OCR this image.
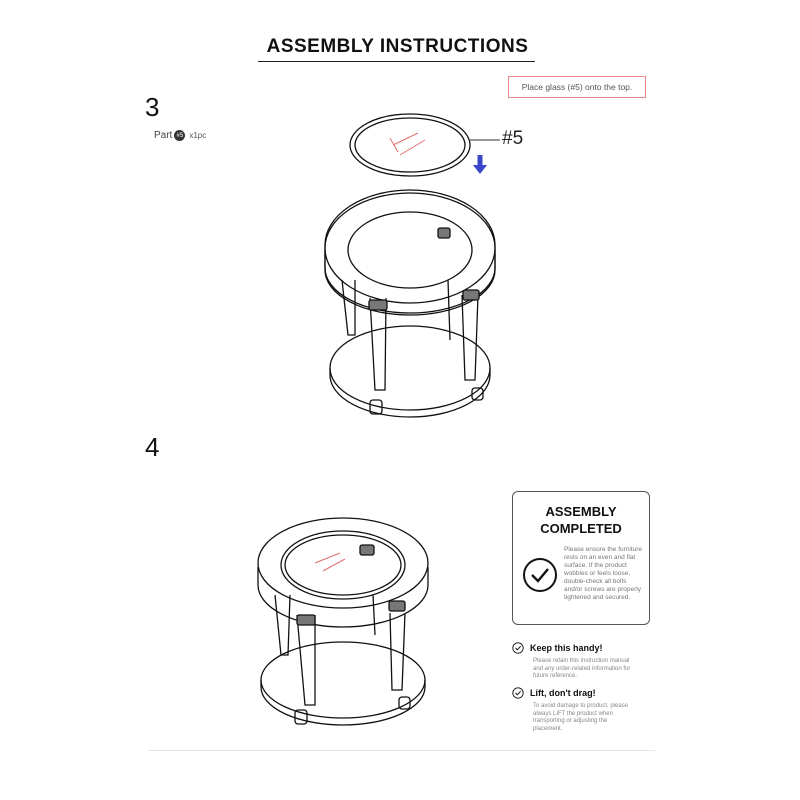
ASSEMBLY INSTRUCTIONS
3
Place glass (#5) onto the top.
Part #5 x1pc	#5
4
ASSEMBLY
COMPLETED
Please ensure the furniture rests on an even and flat surface. If the product wobbles or feels loose, double-check all bolts and/or screws are properly tightened and secured.
Keep this handy!
Please retain this instruction manual and any order-related information for future reference.
Lift, don't drag!
To avoid damage to product, please always LIFT the product when transporting or adjusting the placement.
